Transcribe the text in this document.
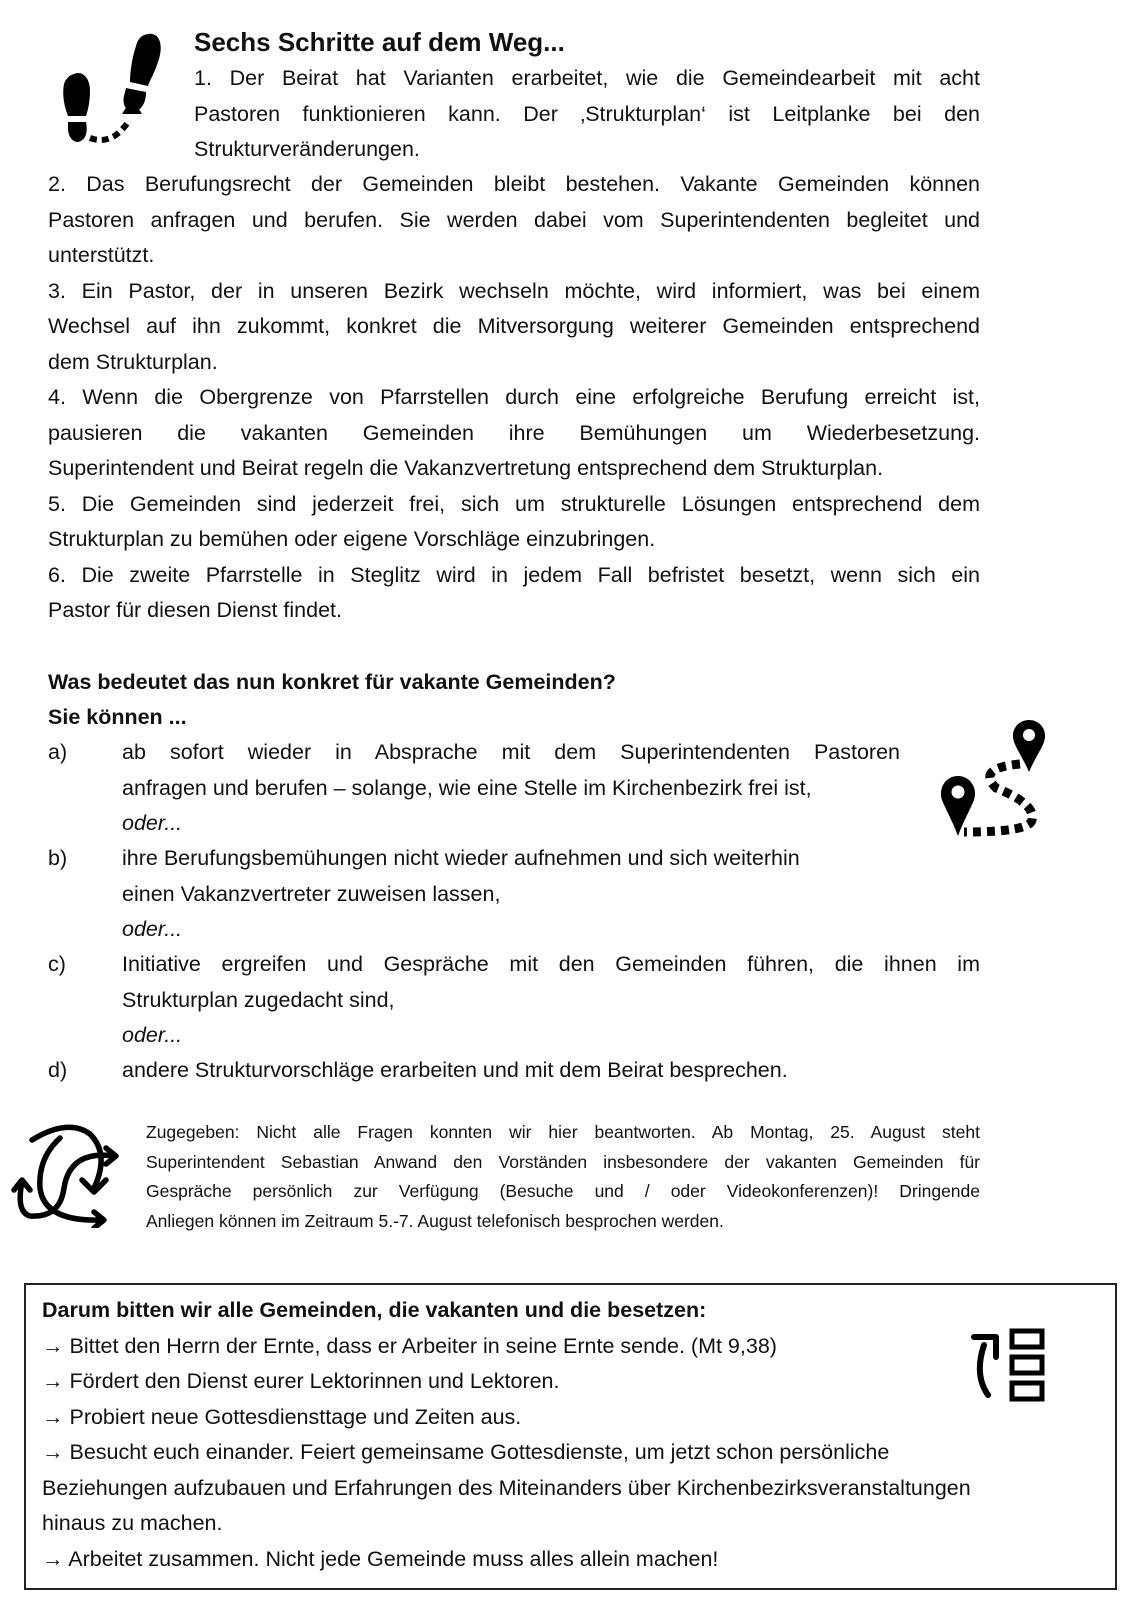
Sechs Schritte auf dem Weg...

1. Der Beirat hat Varianten erarbeitet, wie die Gemeindearbeit mit acht

Pastoren funktionieren kann. Der ‚Strukturplan‘ ist Leitplanke bei den

Strukturveränderungen.

2. Das Berufungsrecht der Gemeinden bleibt bestehen. Vakante Gemeinden können

Pastoren anfragen und berufen. Sie werden dabei vom Superintendenten begleitet und

unterstützt.

3. Ein Pastor, der in unseren Bezirk wechseln möchte, wird informiert, was bei einem

Wechsel auf ihn zukommt, konkret die Mitversorgung weiterer Gemeinden entsprechend

dem Strukturplan.

4. Wenn die Obergrenze von Pfarrstellen durch eine erfolgreiche Berufung erreicht ist,

pausieren die vakanten Gemeinden ihre Bemühungen um Wiederbesetzung.

Superintendent und Beirat regeln die Vakanzvertretung entsprechend dem Strukturplan.

5. Die Gemeinden sind jederzeit frei, sich um strukturelle Lösungen entsprechend dem

Strukturplan zu bemühen oder eigene Vorschläge einzubringen.

6. Die zweite Pfarrstelle in Steglitz wird in jedem Fall befristet besetzt, wenn sich ein

Pastor für diesen Dienst findet.

Was bedeutet das nun konkret für vakante Gemeinden?

Sie können ...

a)	ab sofort wieder in Absprache mit dem Superintendenten Pastoren

anfragen und berufen – solange, wie eine Stelle im Kirchenbezirk frei ist,

oder...

b)	ihre Berufungsbemühungen nicht wieder aufnehmen und sich weiterhin

einen Vakanzvertreter zuweisen lassen,

oder...

c)	Initiative ergreifen und Gespräche mit den Gemeinden führen, die ihnen im

Strukturplan zugedacht sind,

oder...

d)	andere Strukturvorschläge erarbeiten und mit dem Beirat besprechen.

Zugegeben: Nicht alle Fragen konnten wir hier beantworten. Ab Montag, 25. August steht

Superintendent Sebastian Anwand den Vorständen insbesondere der vakanten Gemeinden für

Gespräche persönlich zur Verfügung (Besuche und / oder Videokonferenzen)! Dringende

Anliegen können im Zeitraum 5.-7. August telefonisch besprochen werden.

Darum bitten wir alle Gemeinden, die vakanten und die besetzen:

→ Bittet den Herrn der Ernte, dass er Arbeiter in seine Ernte sende. (Mt 9,38)

→ Fördert den Dienst eurer Lektorinnen und Lektoren.

→ Probiert neue Gottesdiensttage und Zeiten aus.

→ Besucht euch einander. Feiert gemeinsame Gottesdienste, um jetzt schon persönliche

Beziehungen aufzubauen und Erfahrungen des Miteinanders über Kirchenbezirksveranstaltungen

hinaus zu machen.

→ Arbeitet zusammen. Nicht jede Gemeinde muss alles allein machen!
